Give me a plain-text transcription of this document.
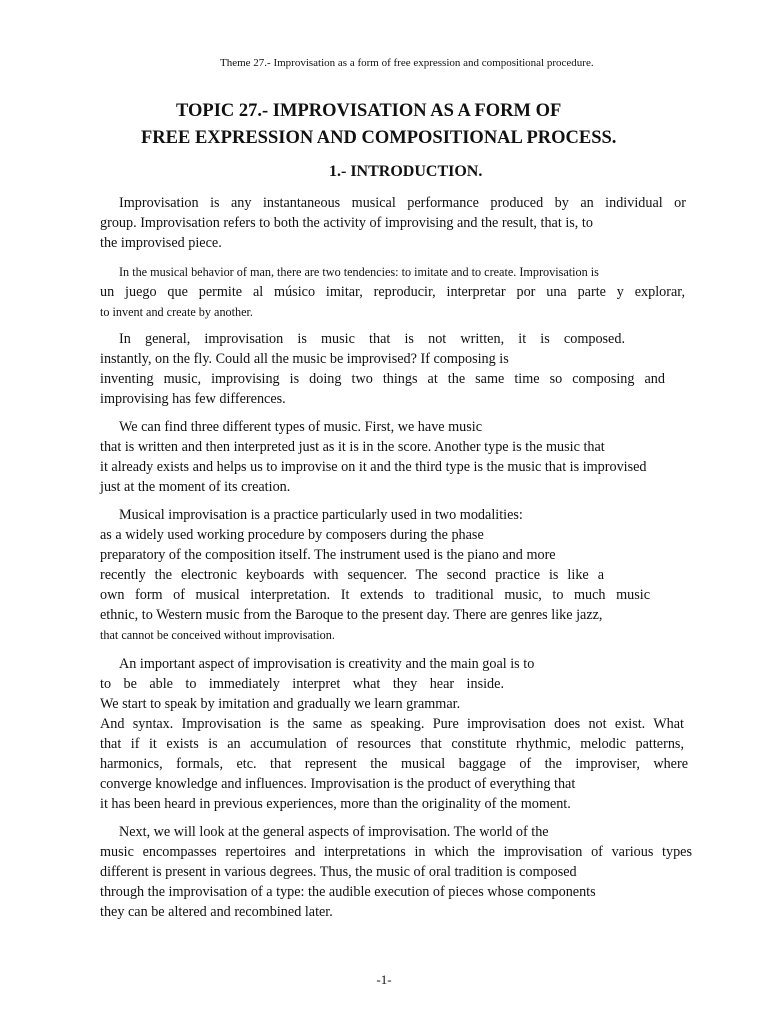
Theme 27.- Improvisation as a form of free expression and compositional procedure.
TOPIC 27.- IMPROVISATION AS A FORM OF
FREE EXPRESSION AND COMPOSITIONAL PROCESS.
1.- INTRODUCTION.
Improvisation is any instantaneous musical performance produced by an individual or
group. Improvisation refers to both the activity of improvising and the result, that is, to
the improvised piece.
In the musical behavior of man, there are two tendencies: to imitate and to create. Improvisation is
un juego que permite al músico imitar, reproducir, interpretar por una parte y explorar,
to invent and create by another.
In general, improvisation is music that is not written, it is composed.
instantly, on the fly. Could all the music be improvised? If composing is
inventing music, improvising is doing two things at the same time so composing and
improvising has few differences.
We can find three different types of music. First, we have music
that is written and then interpreted just as it is in the score. Another type is the music that
it already exists and helps us to improvise on it and the third type is the music that is improvised
just at the moment of its creation.
Musical improvisation is a practice particularly used in two modalities:
as a widely used working procedure by composers during the phase
preparatory of the composition itself. The instrument used is the piano and more
recently the electronic keyboards with sequencer. The second practice is like a
own form of musical interpretation. It extends to traditional music, to much music
ethnic, to Western music from the Baroque to the present day. There are genres like jazz,
that cannot be conceived without improvisation.
An important aspect of improvisation is creativity and the main goal is to
to be able to immediately interpret what they hear inside.
We start to speak by imitation and gradually we learn grammar.
And syntax. Improvisation is the same as speaking. Pure improvisation does not exist. What
that if it exists is an accumulation of resources that constitute rhythmic, melodic patterns,
harmonics, formals, etc. that represent the musical baggage of the improviser, where
converge knowledge and influences. Improvisation is the product of everything that
it has been heard in previous experiences, more than the originality of the moment.
Next, we will look at the general aspects of improvisation. The world of the
music encompasses repertoires and interpretations in which the improvisation of various types
different is present in various degrees. Thus, the music of oral tradition is composed
through the improvisation of a type: the audible execution of pieces whose components
they can be altered and recombined later.
-1-
